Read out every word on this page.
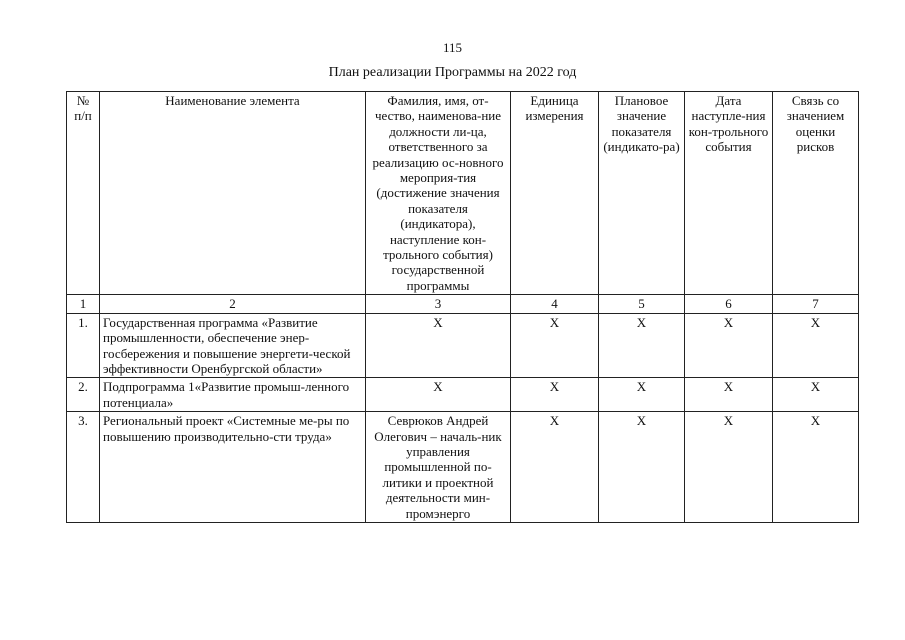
115
План реализации Программы на 2022 год
№ п/п	Наименование элемента	Фамилия, имя, от-чество, наименова-ние должности ли-ца, ответственного за реализацию ос-новного мероприя-тия (достижение значения показателя (индикатора), наступление кон-трольного события) государственной программы	Единица измерения	Плановое значение показателя (индикато-ра)	Дата наступле-ния кон-трольного события	Связь со значением оценки рисков
1	2	3	4	5	6	7
1.	Государственная программа «Развитие промышленности, обеспечение энер-госбережения и повышение энергети-ческой эффективности Оренбургской области»	X	X	X	X	X
2.	Подпрограмма 1«Развитие промыш-ленного потенциала»	X	X	X	X	X
3.	Региональный проект «Системные ме-ры по повышению производительно-сти труда»	Севрюков Андрей Олегович – началь-ник управления промышленной по-литики и проектной деятельности мин-промэнерго	X	X	X	X
